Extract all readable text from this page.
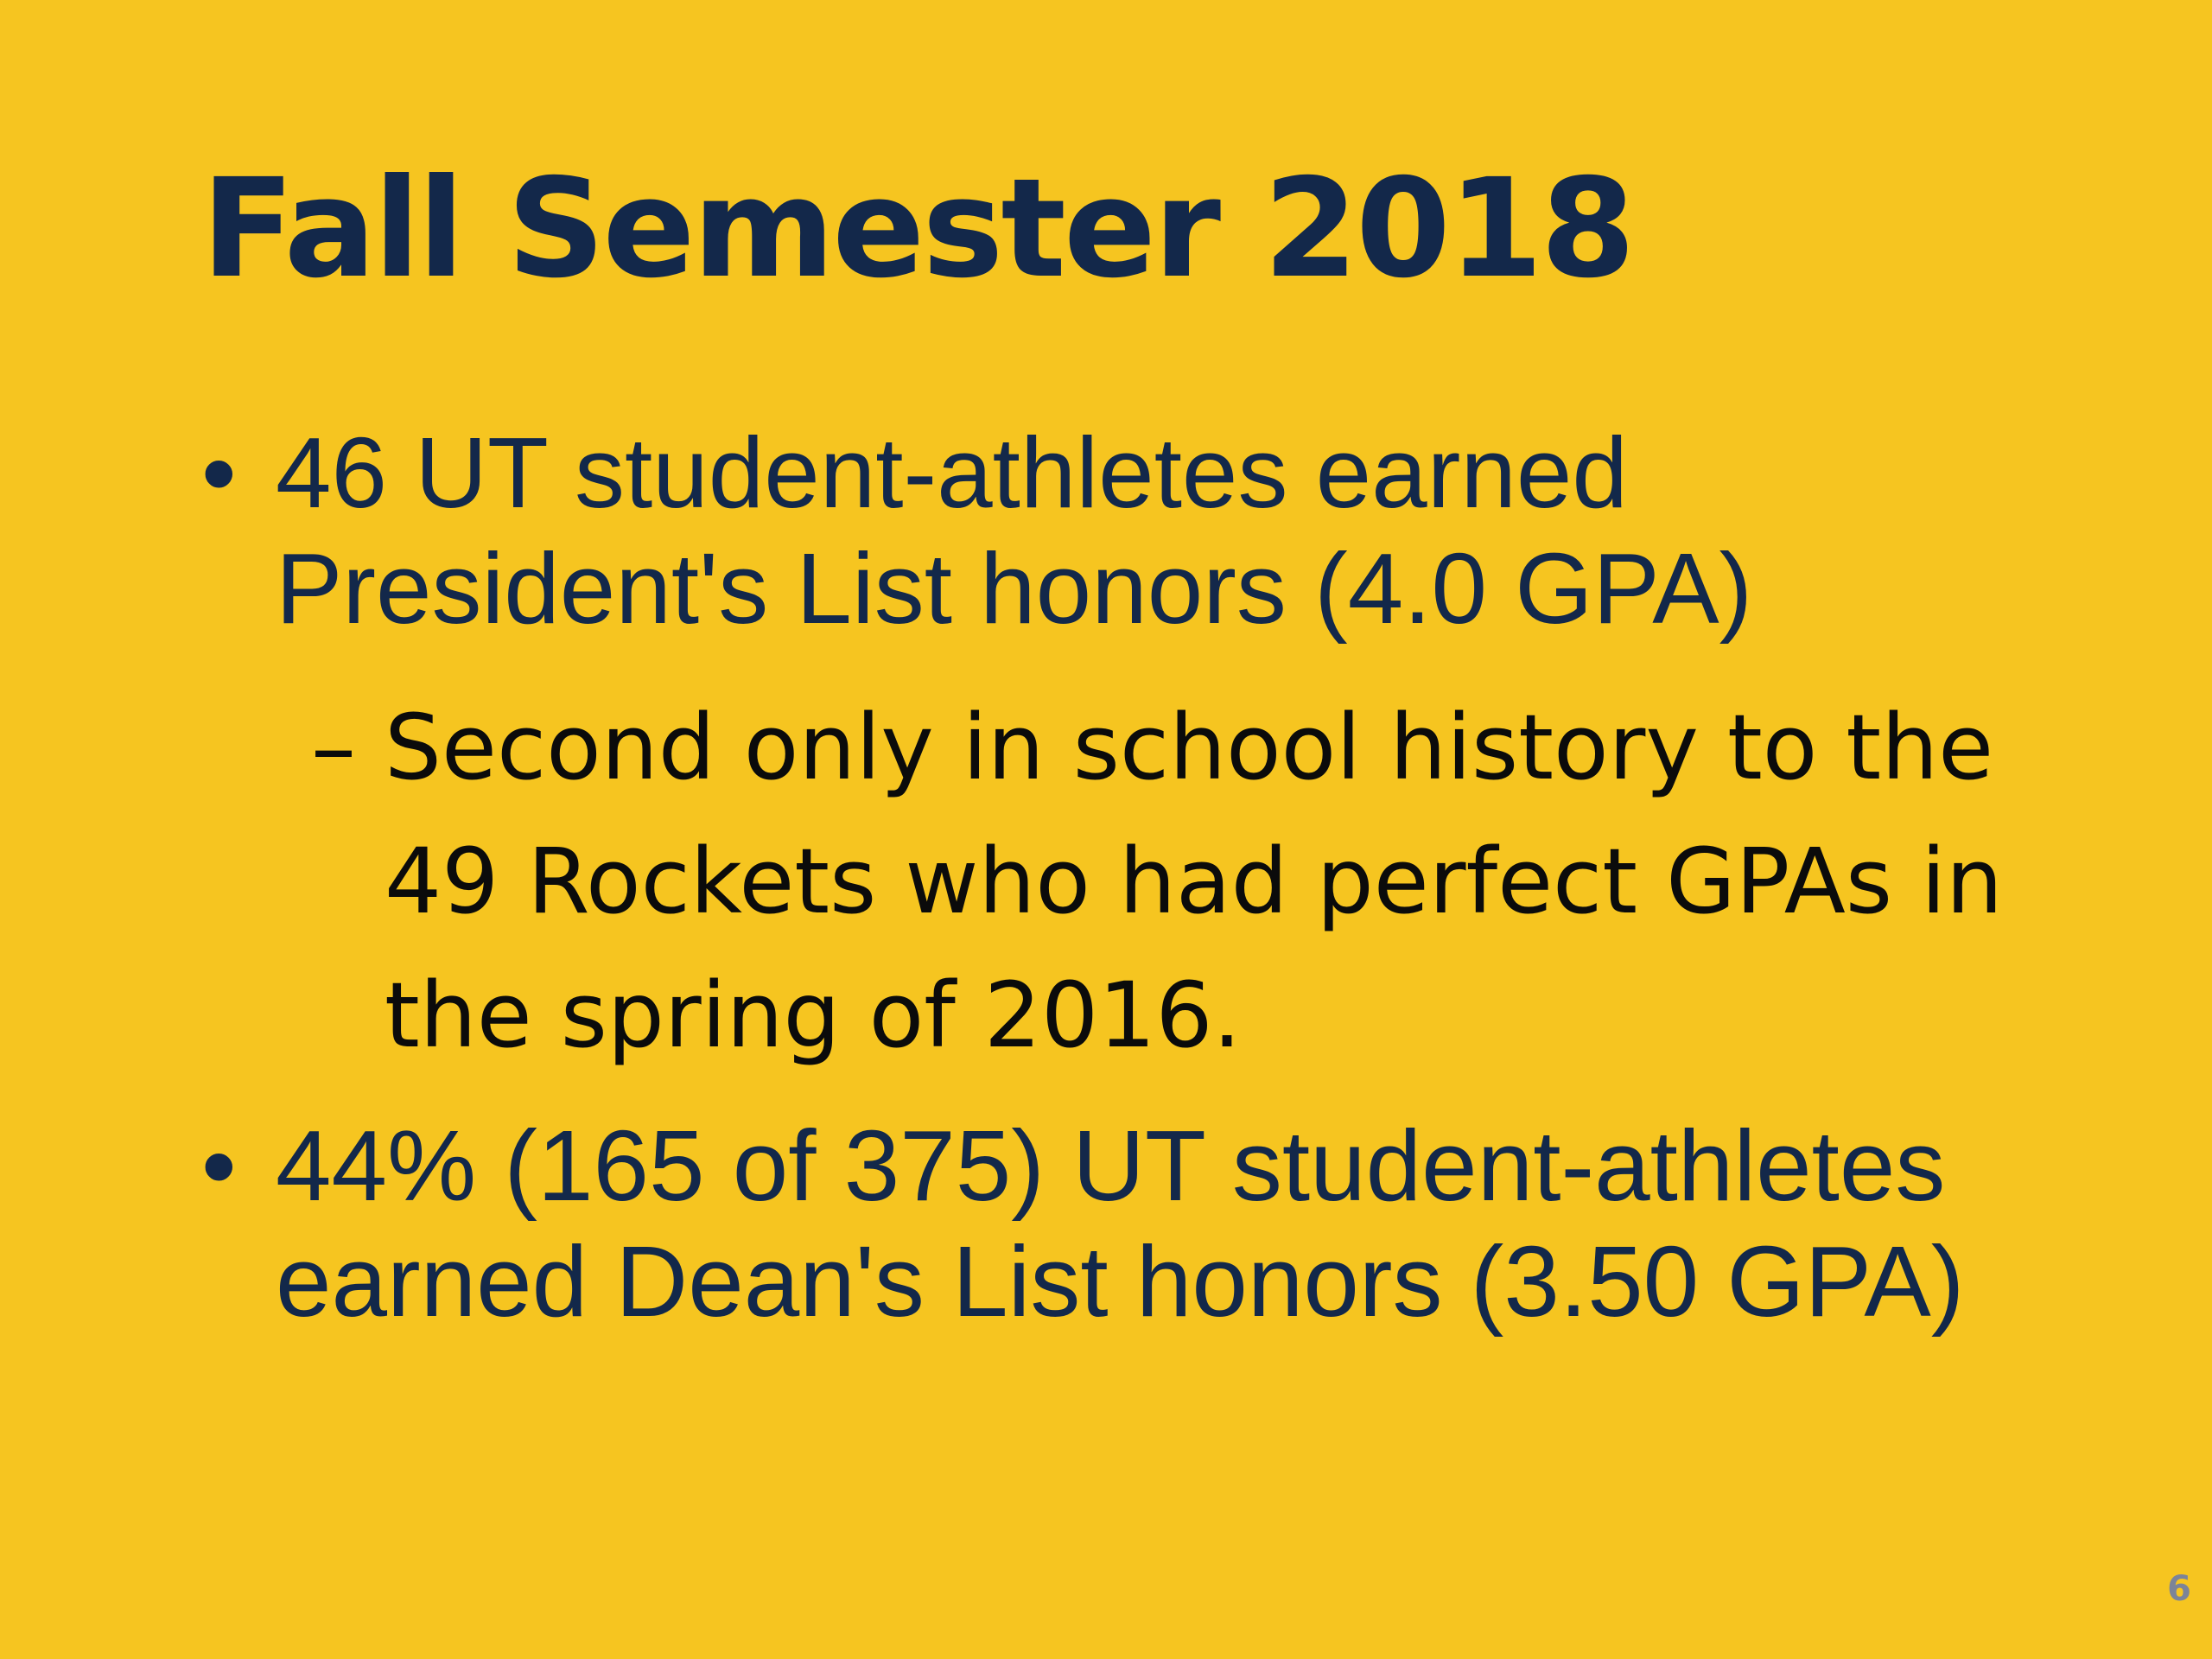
Fall Semester 2018
• 46 UT student-athletes earned
President's List honors (4.0 GPA)
– Second only in school history to the
49 Rockets who had perfect GPAs in
the spring of 2016.
• 44% (165 of 375) UT student-athletes
earned Dean's List honors (3.50 GPA)
6
